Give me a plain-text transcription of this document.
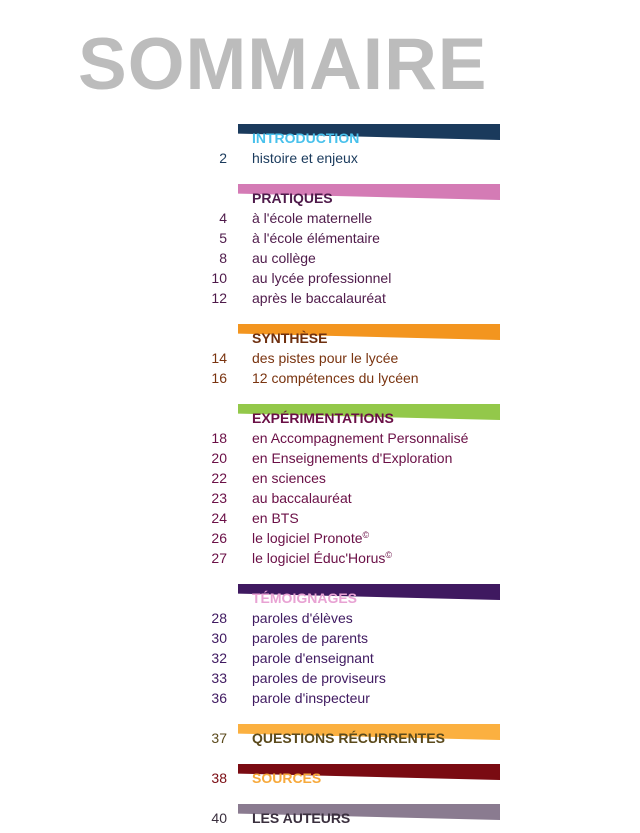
SOMMAIRE
INTRODUCTION
2 histoire et enjeux
PRATIQUES
4 à l'école maternelle
5 à l'école élémentaire
8 au collège
10 au lycée professionnel
12 après le baccalauréat
SYNTHÈSE
14 des pistes pour le lycée
16 12 compétences du lycéen
EXPÉRIMENTATIONS
18 en Accompagnement Personnalisé
20 en Enseignements d'Exploration
22 en sciences
23 au baccalauréat
24 en BTS
26 le logiciel Pronote©
27 le logiciel Éduc'Horus©
TÉMOIGNAGES
28 paroles d'élèves
30 paroles de parents
32 parole d'enseignant
33 paroles de proviseurs
36 parole d'inspecteur
37 QUESTIONS RÉCURRENTES
38 SOURCES
40 LES AUTEURS
